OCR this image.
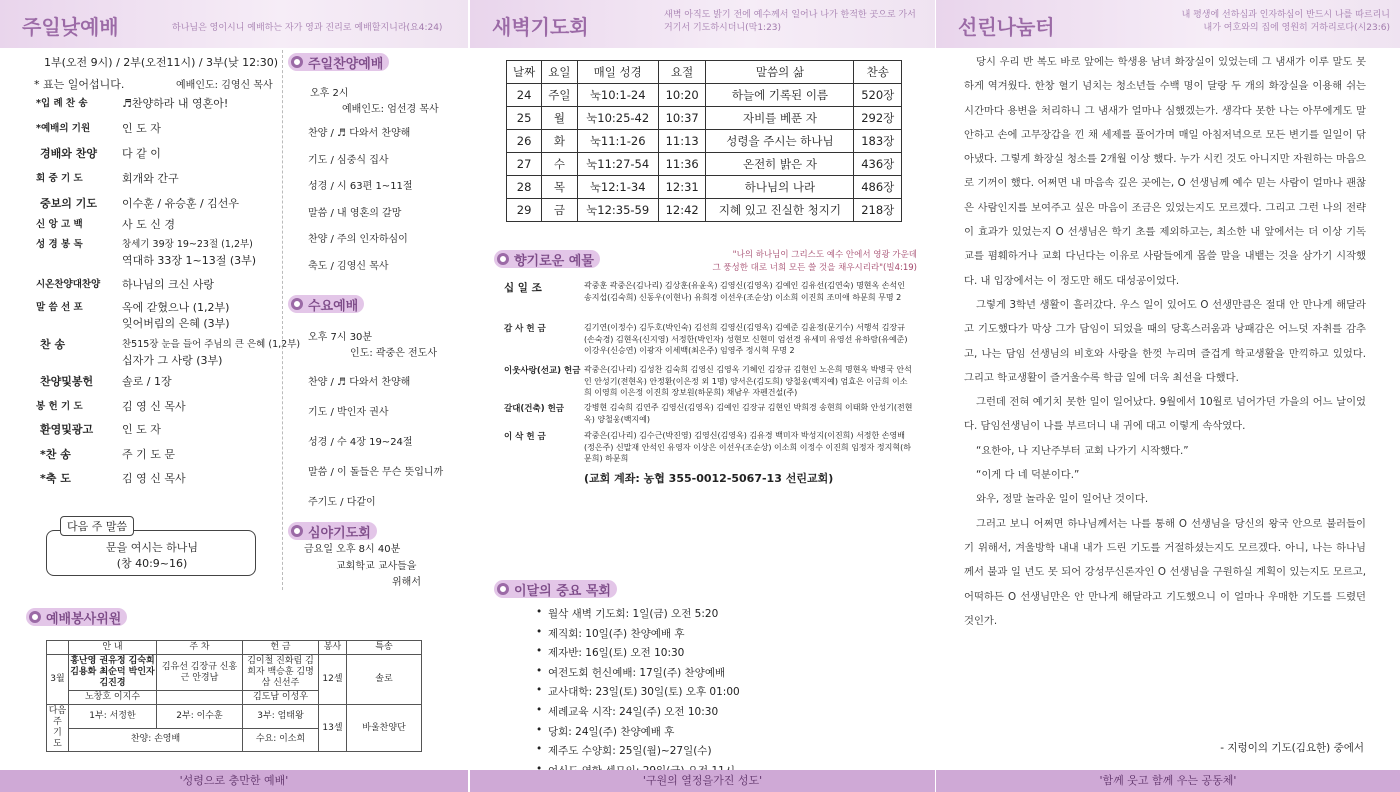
주일낮예배	하나님은 영이시니 예배하는 자가 영과 진리로 예배할지니라(요4:24)
1부(오전 9시) / 2부(오전11시) / 3부(낮 12:30)
* 표는 일어섭니다.	예배인도: 김영신 목사
*입 례 찬 송	♬찬양하라 내 영혼아!
*예배의 기원	인 도 자
경배와 찬양	다 같 이
회 중 기 도	회개와 간구
중보의 기도	이수훈 / 유승훈 / 김선우
신 앙 고 백	사 도 신 경
성 경 봉 독	창세기 39장 19~23절 (1,2부)
역대하 33장 1~13절 (3부)
시온찬양대찬양	하나님의 크신 사랑
말 씀 선 포	옥에 갇혔으나 (1,2부)
잊어버림의 은혜 (3부)
찬 송	찬515장 눈을 들어 주님의 큰 은혜 (1,2부)
십자가 그 사랑 (3부)
찬양및봉헌	솔로 / 1장
봉 헌 기 도	김 영 신 목사
환영및광고	인 도 자
*찬 송	주 기 도 문
*축 도	김 영 신 목사
다음 주 말씀
문을 여시는 하나님
(창 40:9~16)
주일찬양예배
오후 2시
예배인도: 엄선경 목사
찬양 / ♬ 다와서 찬양해
기도 / 심중식 집사
성경 / 시 63편 1~11절
말씀 / 내 영혼의 갈망
찬양 / 주의 인자하심이
축도 / 김영신 목사
수요예배
오후 7시 30분
인도: 곽중은 전도사
찬양 / ♬ 다와서 찬양해
기도 / 박인자 권사
성경 / 수 4장 19~24절
말씀 / 이 돌들은 무슨 뜻입니까
주기도 / 다같이
심야기도회
금요일 오후 8시 40분
교회학교 교사들을
위해서
예배봉사위원
	안 내	주 차	헌 금	봉사	특송
3월	홍난영 권유정 김숙희 김용화 최순덕 박인자 김진경	김유선 김장규 신홍근 안경남	김이철 진화림 김희자 백승훈 김명삼 신선주	12셀	솔로
	노창호 이지수		김도남 이성우		
다음주 기 도	1부: 서정한	2부: 이수훈	3부: 엄태왕	13셀	바울찬양단
	찬양: 손영배		수요: 이소희		
'성령으로 충만한 예배'
새벽기도회	새벽 아직도 밝기 전에 예수께서 일어나 나가 한적한 곳으로 가서
거기서 기도하시더니(막1:23)
날짜	요일	매일 성경	요절	말씀의 삶	찬송
24	주일	눅10:1-24	10:20	하늘에 기록된 이름	520장
25	월	눅10:25-42	10:37	자비를 베푼 자	292장
26	화	눅11:1-26	11:13	성령을 주시는 하나님	183장
27	수	눅11:27-54	11:36	온전히 밝은 자	436장
28	목	눅12:1-34	12:31	하나님의 나라	486장
29	금	눅12:35-59	12:42	지혜 있고 진실한 청지기	218장
향기로운 예물	"나의 하나님이 그리스도 예수 안에서 영광 가운데
그 풍성한 대로 너희 모든 쓸 것을 채우시리라"(빌4:19)
십 일 조	곽중훈 곽중은(김나리) 김상훈(유윤옥) 김영신(김영옥) 김예인 김유선(김연숙) 명현옥 손석인 송지섭(김숙희) 신동우(이현나) 유희경 이선우(조순상) 이소희 이진희 조미애 하문희 무명 2
감 사 헌 금	김기연(이정수) 김두호(박인숙) 김선희 김영신(김영옥) 김예준 김윤정(문기수) 서행석 김장규(손숙경) 김현옥(신지영) 서정한(박인자) 성현모 신현미 엄선경 유세미 유영선 유하람(유예준) 이강우(신승연) 이광자 이세백(최은주) 임영주 정시혁 무명 2
이웃사랑(선교) 헌금 곽중은(김나리) 김성찬 김숙희 김영신 김영옥 기혜인 김장규 김현인 노은희 명현옥 박병국 안석인 안성기(전현옥) 안정환(이은정 외 1명) 양서은(김도희) 양철웅(백지예) 엄효은 이금희 이소희 이영희 이은정 이진희 장보원(하문희) 채남우 자펜건설(주)
갈대(건축) 헌금	강병현 김숙희 김연주 김영신(김영옥) 김예인 김장규 김현인 박희경 송현희 이태화 안성기(전현옥) 양철웅(백지예)
이 삭 헌 금	곽중은(김나리) 김수근(박진영) 김영신(김영옥) 김유경 백미자 박성지(이진희) 서정한 손영배(정은주) 신말재 안석인 유영자 이상은 이선우(조순상) 이소희 이정수 이진희 임정자 정지혁(하문희) 하문희
(교회 계좌: 농협 355-0012-5067-13 선린교회)
이달의 중요 목회
• 월삭 새벽 기도회: 1일(금) 오전 5:20
• 제직회: 10일(주) 찬양예배 후
• 제자반: 16일(토) 오전 10:30
• 여전도회 헌신예배: 17일(주) 찬양예배
• 교사대학: 23일(토) 30일(토) 오후 01:00
• 세례교육 시작: 24일(주) 오전 10:30
• 당회: 24일(주) 찬양예배 후
• 제주도 수양회: 25일(월)~27일(수)
•
'구원의 열정을가진 성도'
선린나눔터	내 평생에 선하심과 인자하심이 반드시 나를 따르리니
내가 여호와의 집에 영원히 거하리로다(시23:6)

당시 우리 반 복도 바로 앞에는 학생용 남녀 화장실이 있었는데 그 냄새가 이루 말도 못하게 역겨웠다. 한창 혈기 넘치는 청소년들 수백 명이 달랑 두 개의 화장실을 이용해 쉬는 시간마다 용변을 처리하니 그 냄새가 얼마나 심했겠는가. 생각다 못한 나는 아무에게도 말 안하고 손에 고무장갑을 낀 채 세제를 풀어가며 매일 아침저녁으로 모든 변기를 일일이 닦아냈다. 그렇게 화장실 청소를 2개월 이상 했다. 누가 시킨 것도 아니지만 자원하는 마음으로 기꺼이 했다. 어쩌면 내 마음속 깊은 곳에는, O 선생님께 예수 믿는 사람이 얼마나 괜찮은 사람인지를 보여주고 싶은 마음이 조금은 있었는지도 모르겠다. 그리고 그런 나의 전략이 효과가 있었는지 O 선생님은 학기 초를 제외하고는, 최소한 내 앞에서는 더 이상 기독교를 폄훼하거나 교회 다닌다는 이유로 사람들에게 몹쓸 말을 내뱉는 것을 삼가기 시작했다. 내 입장에서는 이 정도만 해도 대성공이었다.

그렇게 3학년 생활이 흘러갔다. 우스 일이 있어도 O 선생만큼은 절대 안 만나게 해달라고 기도했다가 막상 그가 담임이 되었을 때의 당혹스러움과 낭패감은 어느덧 자취를 감추고, 나는 담임 선생님의 비호와 사랑을 한껏 누리며 즐겁게 학교생활을 만끽하고 있었다. 그리고 학교생활이 즐거울수록 학급 일에 더욱 최선을 다했다.

그런데 전혀 예기치 못한 일이 일어났다. 9월에서 10월로 넘어가던 가을의 어느 날이었다. 담임선생님이 나를 부르더니 내 귀에 대고 이렇게 속삭였다.

“요한아, 나 지난주부터 교회 나가기 시작했다.”

“이게 다 네 덕분이다.”

와우, 정말 놀라운 일이 일어난 것이다.

그러고 보니 어쩌면 하나님께서는 나를 통해 O 선생님을 당신의 왕국 안으로 불러들이기 위해서, 겨울방학 내내 내가 드린 기도를 거절하셨는지도 모르겠다. 아니, 나는 하나님께서 불과 일 년도 못 되어 강성무신론자인 O 선생님을 구원하실 계획이 있는지도 모르고, 어떡하든 O 선생님만은 안 만나게 해달라고 기도했으니 이 얼마나 우매한 기도를 드렸던 것인가.

- 지렁이의 기도(김요한) 중에서
'함께 웃고 함께 우는 공동체'
